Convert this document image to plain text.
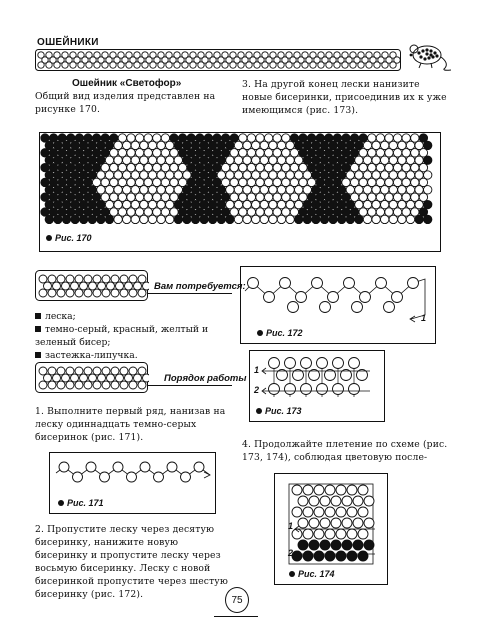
ОШЕЙНИКИ
Ошейник «Светофор»
Общий вид изделия представлен на рисунке 170.
3. На другой конец лески нанизите новые бисеринки, присоединив их к уже имеющимся (рис. 173).
Рис. 170
Вам потребуется:
леска;
темно-серый, красный, желтый и зеленый бисер;
застежка-липучка.
Порядок работы
1. Выполните первый ряд, нанизав на леску одиннадцать темно-серых бисеринок (рис. 171).
Рис. 171
2. Пропустите леску через десятую бисеринку, нанижите новую бисеринку и пропустите леску через восьмую бисеринку. Леску с новой бисеринкой пропустите через шестую бисеринку (рис. 172).
1
Рис. 172
1
2
Рис. 173
4. Продолжайте плетение по схеме (рис. 173, 174), соблюдая цветовую после-
1
2
Рис. 174
75
